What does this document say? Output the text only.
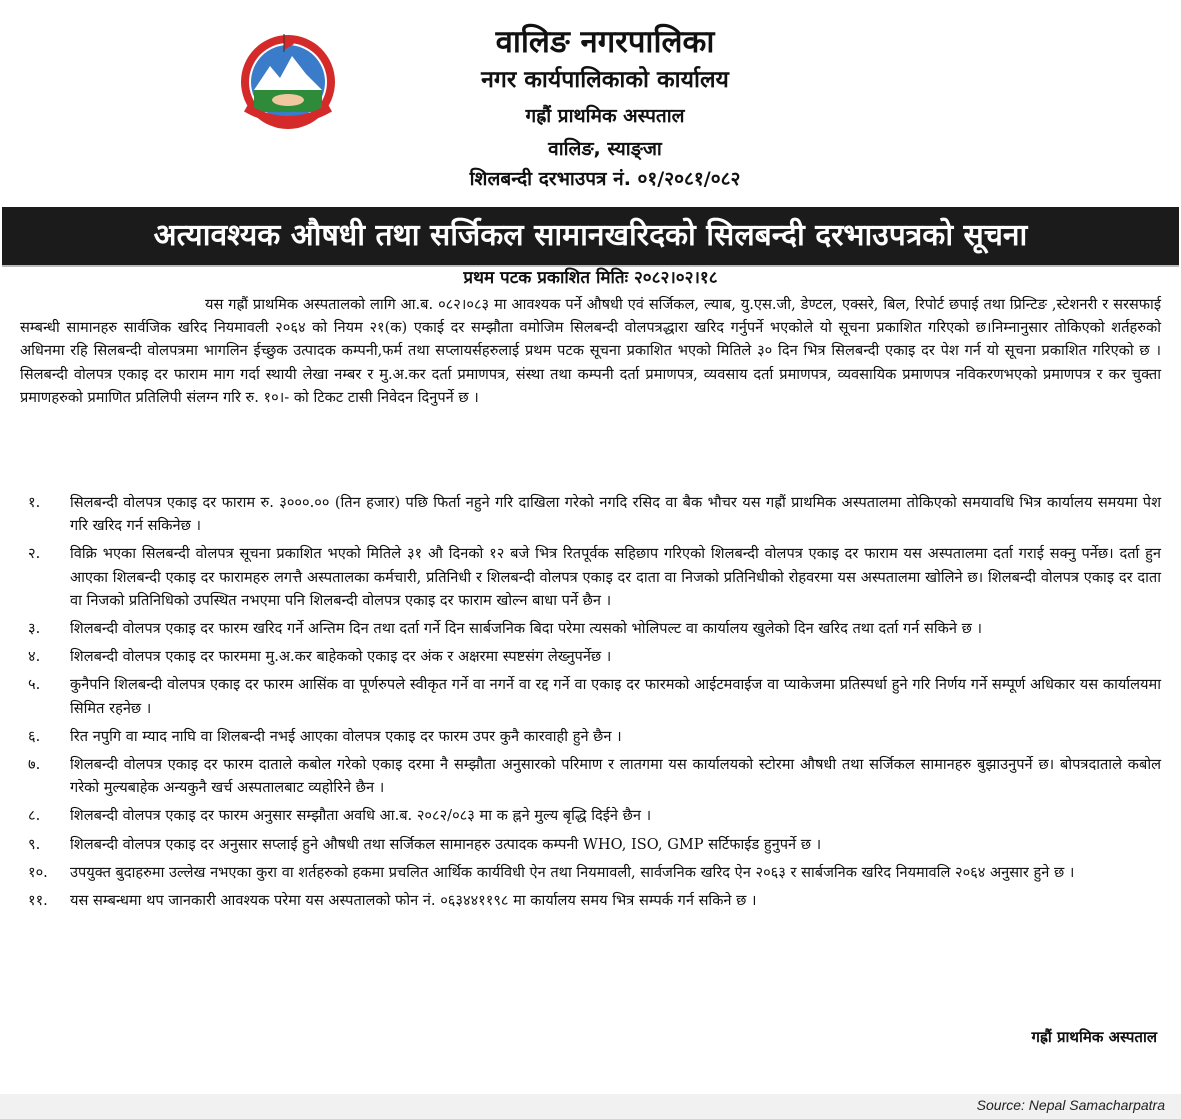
वालिङ नगरपालिका
नगर कार्यपालिकाको कार्यालय
गह्रौं प्राथमिक अस्पताल
वालिङ, स्याङ्जा
शिलबन्दी दरभाउपत्र नं. ०१/२०८१/०८२
अत्यावश्यक औषधी तथा सर्जिकल सामानखरिदको सिलबन्दी दरभाउपत्रको सूचना
प्रथम पटक प्रकाशित मितिः २०८२।०२।१८
यस गह्रौं प्राथमिक अस्पतालको लागि आ.ब. ०८२।०८३ मा आवश्यक पर्ने औषधी एवं सर्जिकल, ल्याब, यु.एस.जी, डेण्टल, एक्सरे, बिल, रिपोर्ट छपाई तथा प्रिन्टिङ ,स्टेशनरी र सरसफाई सम्बन्धी सामानहरु सार्वजिक खरिद नियमावली २०६४ को नियम २१(क) एकाई दर सम्झौता वमोजिम सिलबन्दी वोलपत्रद्धारा खरिद गर्नुपर्ने भएकोले यो सूचना प्रकाशित गरिएको छ।निम्नानुसार तोकिएको शर्तहरुको अधिनमा रहि सिलबन्दी वोलपत्रमा भागलिन ईच्छुक उत्पादक कम्पनी,फर्म तथा सप्लायर्सहरुलाई प्रथम पटक सूचना प्रकाशित भएको मितिले ३० दिन भित्र सिलबन्दी एकाइ दर पेश गर्न यो सूचना प्रकाशित गरिएको छ ।सिलबन्दी वोलपत्र एकाइ दर फाराम माग गर्दा स्थायी लेखा नम्बर र मु.अ.कर दर्ता प्रमाणपत्र, संस्था तथा कम्पनी दर्ता प्रमाणपत्र, व्यवसाय दर्ता प्रमाणपत्र, व्यवसायिक प्रमाणपत्र नविकरणभएको प्रमाणपत्र र कर चुक्ता प्रमाणहरुको प्रमाणित प्रतिलिपी संलग्न गरि रु. १०।- को टिकट टासी निवेदन दिनुपर्ने छ ।
१. सिलबन्दी वोलपत्र एकाइ दर फाराम रु. ३०००.०० (तिन हजार) पछि फिर्ता नहुने गरि दाखिला गरेको नगदि रसिद वा बैक भौचर यस गह्रौं प्राथमिक अस्पतालमा तोकिएको समयावधि भित्र कार्यालय समयमा पेश गरि खरिद गर्न सकिनेछ ।
२. विक्रि भएका सिलबन्दी वोलपत्र सूचना प्रकाशित भएको मितिले ३१ औ दिनको १२ बजे भित्र रितपूर्वक सहिछाप गरिएको शिलबन्दी वोलपत्र एकाइ दर फाराम यस अस्पतालमा दर्ता गराई सक्नु पर्नेछ। दर्ता हुन आएका शिलबन्दी एकाइ दर फारामहरु लगत्तै अस्पतालका कर्मचारी, प्रतिनिधी र शिलबन्दी वोलपत्र एकाइ दर दाता वा निजको प्रतिनिधीको रोहवरमा यस अस्पतालमा खोलिने छ। शिलबन्दी वोलपत्र एकाइ दर दाता वा निजको प्रतिनिधिको उपस्थित नभएमा पनि शिलबन्दी वोलपत्र एकाइ दर फाराम खोल्न बाधा पर्ने छैन ।
३. शिलबन्दी वोलपत्र एकाइ दर फारम खरिद गर्ने अन्तिम दिन तथा दर्ता गर्ने दिन सार्बजनिक बिदा परेमा त्यसको भोलिपल्ट वा कार्यालय खुलेको दिन खरिद तथा दर्ता गर्न सकिने छ ।
४. शिलबन्दी वोलपत्र एकाइ दर फारममा मु.अ.कर बाहेकको एकाइ दर अंक र अक्षरमा स्पष्टसंग लेख्नुपर्नेछ ।
५. कुनैपनि शिलबन्दी वोलपत्र एकाइ दर फारम आसिंक वा पूर्णरुपले स्वीकृत गर्ने वा नगर्ने वा रद्द गर्ने वा एकाइ दर फारमको आईटमवाईज वा प्याकेजमा प्रतिस्पर्धा हुने गरि निर्णय गर्ने सम्पूर्ण अधिकार यस कार्यालयमा सिमित रहनेछ ।
६. रित नपुगि वा म्याद नाघि वा शिलबन्दी नभई आएका वोलपत्र एकाइ दर फारम उपर कुनै कारवाही हुने छैन ।
७. शिलबन्दी वोलपत्र एकाइ दर फारम दाताले कबोल गरेको एकाइ दरमा नै सम्झौता अनुसारको परिमाण र लातगमा यस कार्यालयको स्टोरमा औषधी तथा सर्जिकल सामानहरु बुझाउनुपर्ने छ। बोपत्रदाताले कबोल गरेको मुल्यबाहेक अन्यकुनै खर्च अस्पतालबाट व्यहोरिने छैन ।
८. शिलबन्दी वोलपत्र एकाइ दर फारम अनुसार सम्झौता अवधि आ.ब. २०८२/०८३ मा क ह्नने मुल्य बृद्धि दिईने छैन ।
९. शिलबन्दी वोलपत्र एकाइ दर अनुसार सप्लाई हुने औषधी तथा सर्जिकल सामानहरु उत्पादक कम्पनी WHO, ISO, GMP सर्टिफाईड हुनुपर्ने छ ।
१०. उपयुक्त बुदाहरुमा उल्लेख नभएका कुरा वा शर्तहरुको हकमा प्रचलित आर्थिक कार्यविधी ऐन तथा नियमावली, सार्वजनिक खरिद ऐन २०६३ र सार्बजनिक खरिद नियमावलि २०६४ अनुसार हुने छ ।
११. यस सम्बन्धमा थप जानकारी आवश्यक परेमा यस अस्पतालको फोन नं. ०६३४४११९८ मा कार्यालय समय भित्र सम्पर्क गर्न सकिने छ ।
गह्रौं प्राथमिक अस्पताल
Source: Nepal Samacharpatra
